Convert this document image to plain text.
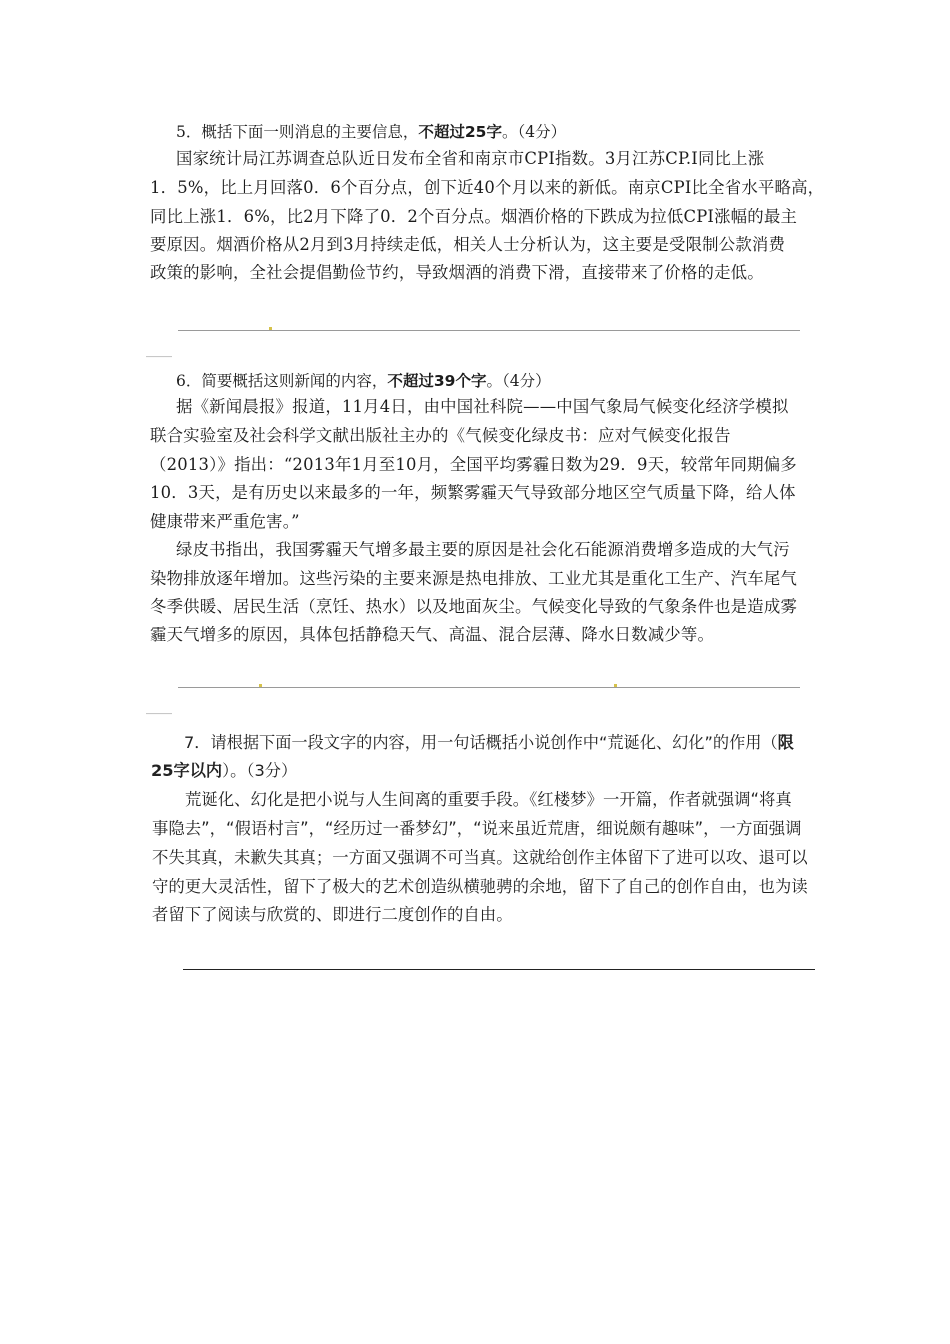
5．概括下面一则消息的主要信息，不超过25字。（4分）
国家统计局江苏调查总队近日发布全省和南京市CPI指数。3月江苏CP.I同比上涨
1．5%，比上月回落0．6个百分点，创下近40个月以来的新低。南京CPI比全省水平略高，
同比上涨1．6%，比2月下降了0．2个百分点。烟酒价格的下跌成为拉低CPI涨幅的最主
要原因。烟酒价格从2月到3月持续走低，相关人士分析认为，这主要是受限制公款消费
政策的影响，全社会提倡勤俭节约，导致烟酒的消费下滑，直接带来了价格的走低。
____
6．简要概括这则新闻的内容，不超过39个字。（4分）
据《新闻晨报》报道，11月4日，由中国社科院——中国气象局气候变化经济学模拟
联合实验室及社会科学文献出版社主办的《气候变化绿皮书：应对气候变化报告
（2013）》指出：“2013年1月至10月，全国平均雾霾日数为29．9天，较常年同期偏多
10．3天，是有历史以来最多的一年，频繁雾霾天气导致部分地区空气质量下降，给人体
健康带来严重危害。”
绿皮书指出，我国雾霾天气增多最主要的原因是社会化石能源消费增多造成的大气污
染物排放逐年增加。这些污染的主要来源是热电排放、工业尤其是重化工生产、汽车尾气
冬季供暖、居民生活（烹饪、热水）以及地面灰尘。气候变化导致的气象条件也是造成雾
霾天气增多的原因，具体包括静稳天气、高温、混合层薄、降水日数减少等。
____
7．请根据下面一段文字的内容，用一句话概括小说创作中“荒诞化、幻化”的作用（限
25字以内）。（3分）
荒诞化、幻化是把小说与人生间离的重要手段。《红楼梦》一开篇，作者就强调“将真
事隐去”，“假语村言”，“经历过一番梦幻”，“说来虽近荒唐，细说颇有趣味”，一方面强调
不失其真，未歉失其真；一方面又强调不可当真。这就给创作主体留下了进可以攻、退可以
守的更大灵活性，留下了极大的艺术创造纵横驰骋的余地，留下了自己的创作自由，也为读
者留下了阅读与欣赏的、即进行二度创作的自由。
